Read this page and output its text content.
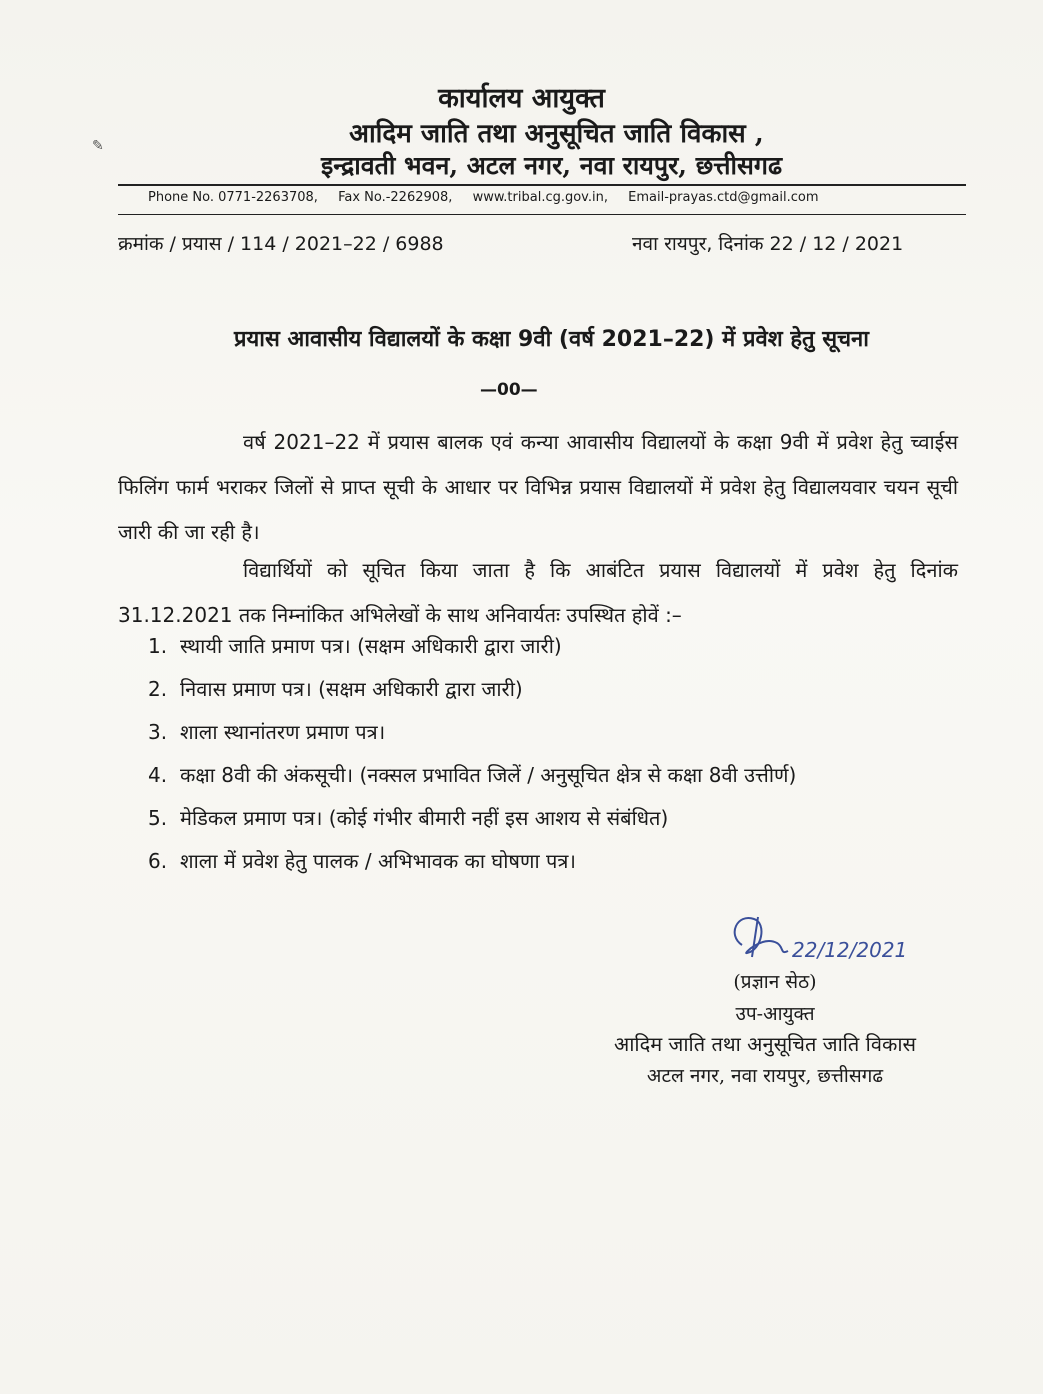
✎
कार्यालय आयुक्त
आदिम जाति तथा अनुसूचित जाति विकास ,
इन्द्रावती भवन, अटल नगर, नवा रायपुर, छत्तीसगढ
Phone No. 0771-2263708, Fax No.-2262908, www.tribal.cg.gov.in, Email-prayas.ctd@gmail.com
क्रमांक / प्रयास / 114 / 2021–22 / 6988	नवा रायपुर, दिनांक 22 / 12 / 2021
प्रयास आवासीय विद्यालयों के कक्षा 9वी (वर्ष 2021–22) में प्रवेश हेतु सूचना
—00—
वर्ष 2021–22 में प्रयास बालक एवं कन्या आवासीय विद्यालयों के कक्षा 9वी में प्रवेश हेतु च्वाईस फिलिंग फार्म भराकर जिलों से प्राप्त सूची के आधार पर विभिन्न प्रयास विद्यालयों में प्रवेश हेतु विद्यालयवार चयन सूची जारी की जा रही है।
विद्यार्थियों को सूचित किया जाता है कि आबंटित प्रयास विद्यालयों में प्रवेश हेतु दिनांक 31.12.2021 तक निम्नांकित अभिलेखों के साथ अनिवार्यतः उपस्थित होवें :–
1. स्थायी जाति प्रमाण पत्र। (सक्षम अधिकारी द्वारा जारी)
2. निवास प्रमाण पत्र। (सक्षम अधिकारी द्वारा जारी)
3. शाला स्थानांतरण प्रमाण पत्र।
4. कक्षा 8वी की अंकसूची। (नक्सल प्रभावित जिलें / अनुसूचित क्षेत्र से कक्षा 8वी उत्तीर्ण)
5. मेडिकल प्रमाण पत्र। (कोई गंभीर बीमारी नहीं इस आशय से संबंधित)
6. शाला में प्रवेश हेतु पालक / अभिभावक का घोषणा पत्र।
22/12/2021
(प्रज्ञान सेठ)
उप-आयुक्त
आदिम जाति तथा अनुसूचित जाति विकास
अटल नगर, नवा रायपुर, छत्तीसगढ
